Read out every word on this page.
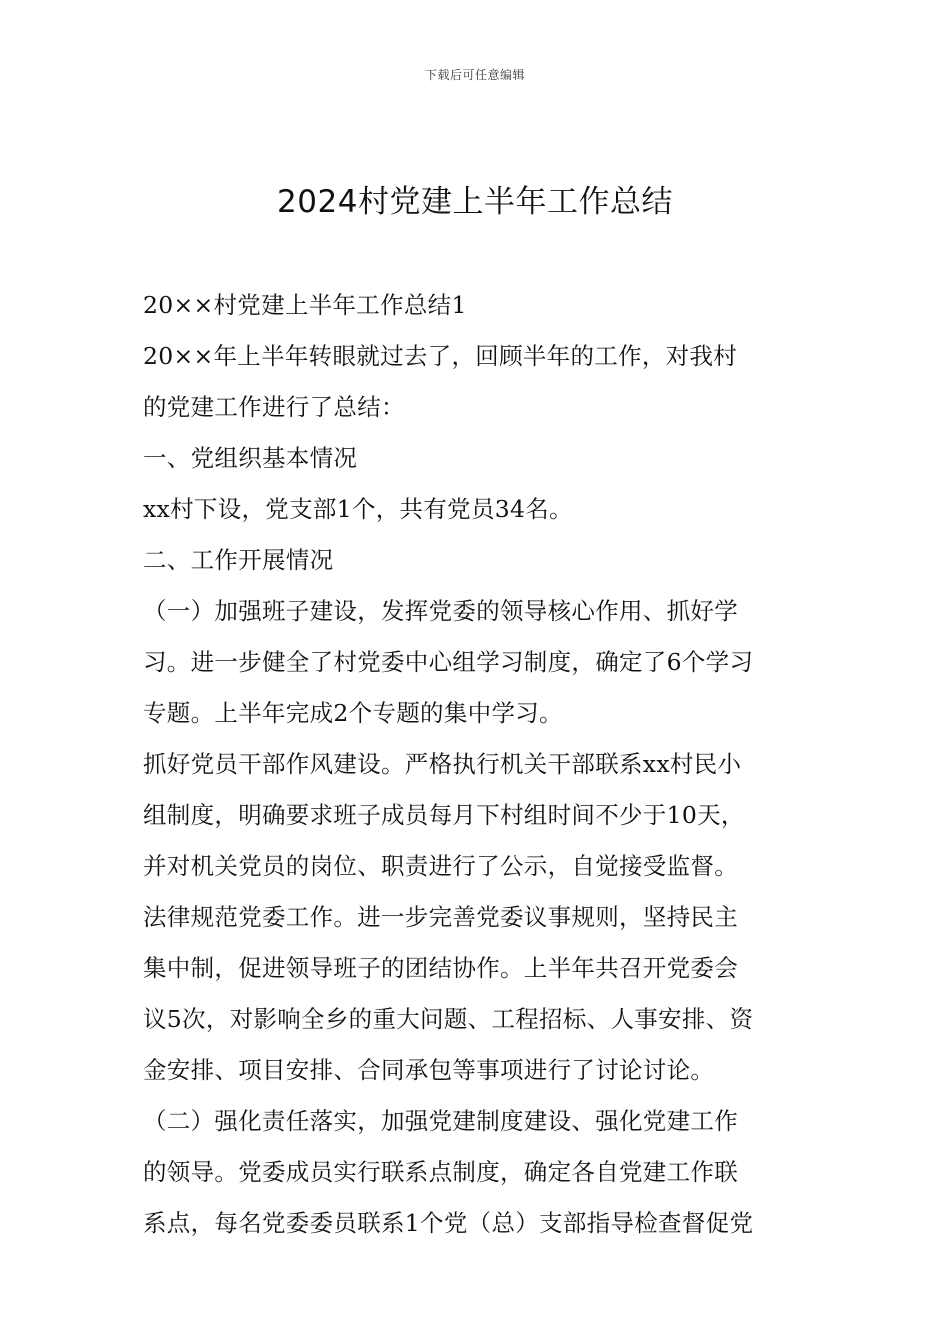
下载后可任意编辑
2024村党建上半年工作总结
20××村党建上半年工作总结1
20××年上半年转眼就过去了，回顾半年的工作，对我村
的党建工作进行了总结：
一、党组织基本情况
xx村下设，党支部1个，共有党员34名。
二、工作开展情况
（一）加强班子建设，发挥党委的领导核心作用、抓好学
习。进一步健全了村党委中心组学习制度，确定了6个学习
专题。上半年完成2个专题的集中学习。
抓好党员干部作风建设。严格执行机关干部联系xx村民小
组制度，明确要求班子成员每月下村组时间不少于10天，
并对机关党员的岗位、职责进行了公示，自觉接受监督。
法律规范党委工作。进一步完善党委议事规则，坚持民主
集中制，促进领导班子的团结协作。上半年共召开党委会
议5次，对影响全乡的重大问题、工程招标、人事安排、资
金安排、项目安排、合同承包等事项进行了讨论讨论。
（二）强化责任落实，加强党建制度建设、强化党建工作
的领导。党委成员实行联系点制度，确定各自党建工作联
系点，每名党委委员联系1个党（总）支部指导检查督促党
